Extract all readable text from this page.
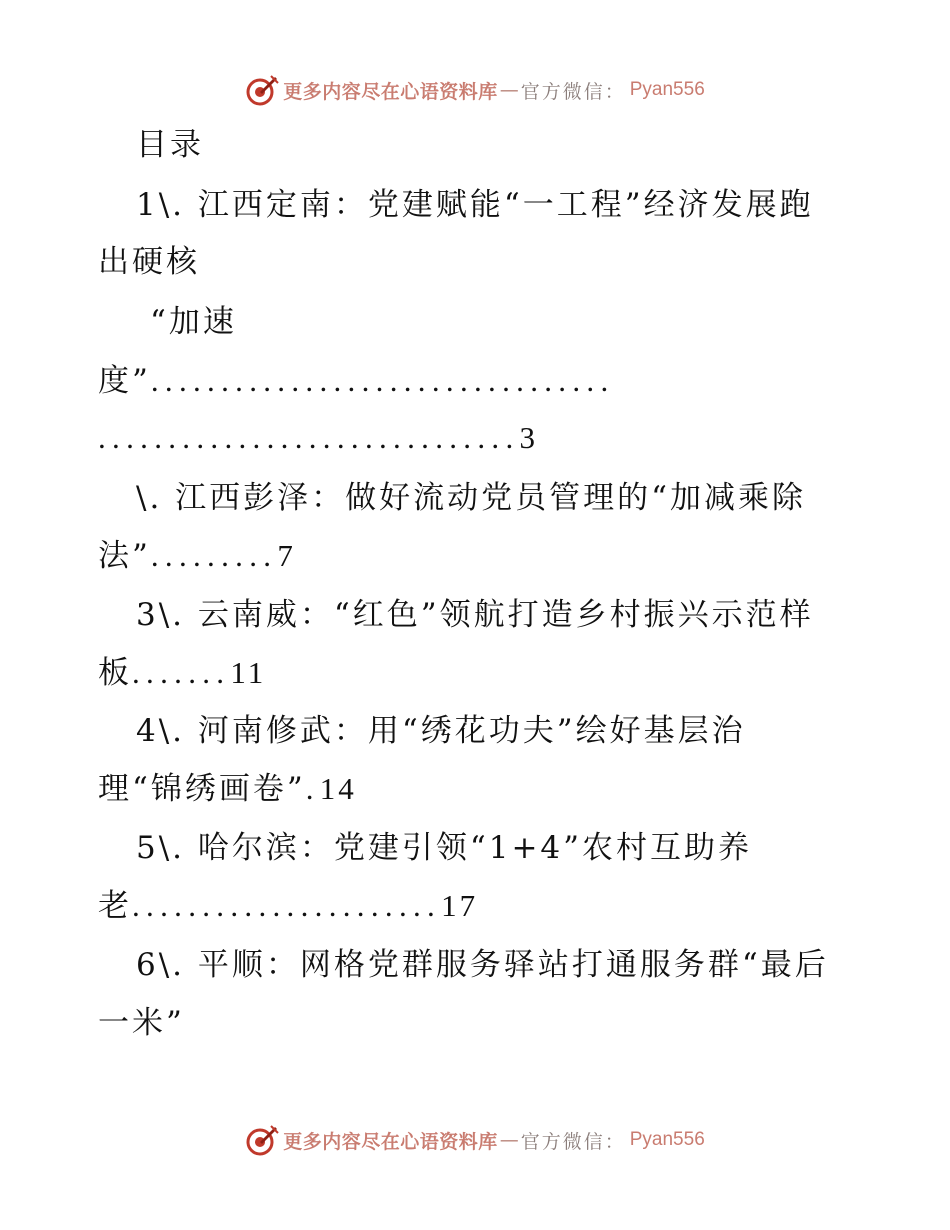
更多内容尽在心语资料库 — 官方微信： Pyan556
目录
1\. 江西定南：党建赋能“一工程”经济发展跑
出硬核
“加速
度”.................................
..............................3
\. 江西彭泽：做好流动党员管理的“加减乘除
法”.........7
3\. 云南威：“红色”领航打造乡村振兴示范样
板.......11
4\. 河南修武：用“绣花功夫”绘好基层治
理“锦绣画卷”.14
5\. 哈尔滨：党建引领“1+4”农村互助养
老......................17
6\. 平顺：网格党群服务驿站打通服务群“最后
一米”
更多内容尽在心语资料库 — 官方微信： Pyan556
